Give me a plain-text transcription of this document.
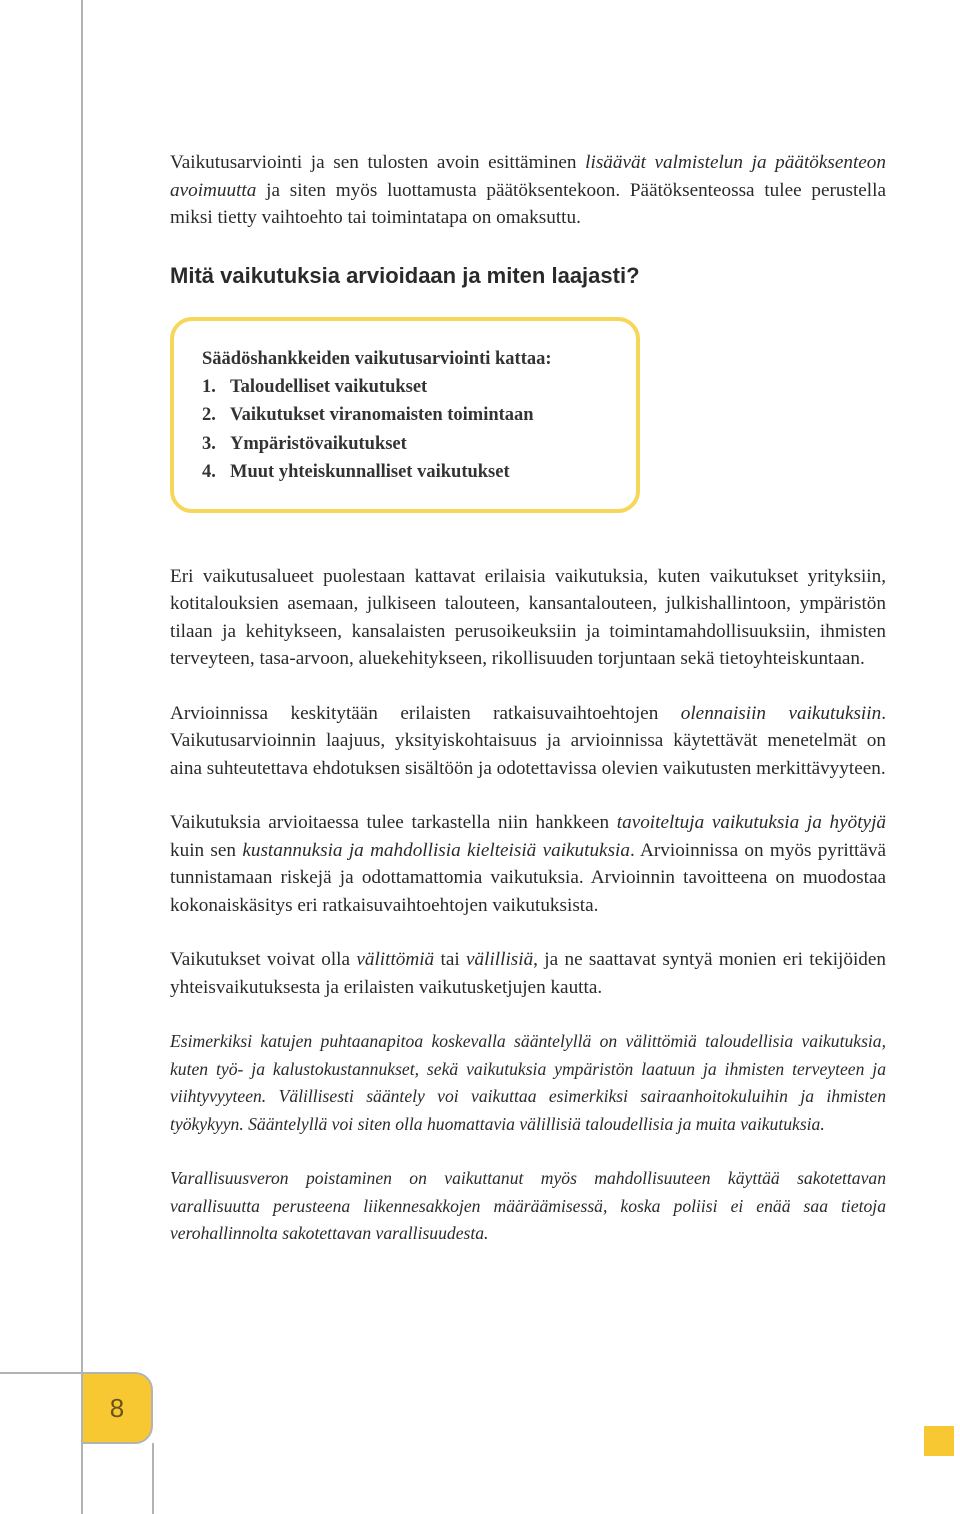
8

Vaikutusarviointi ja sen tulosten avoin esittäminen lisäävät valmistelun ja päätöksenteon avoimuutta ja siten myös luottamusta päätöksentekoon. Päätöksenteossa tulee perustella miksi tietty vaihtoehto tai toimintatapa on omaksuttu.

Mitä vaikutuksia arvioidaan ja miten laajasti?
Säädöshankkeiden vaikutusarviointi kattaa:
1. Taloudelliset vaikutukset
2. Vaikutukset viranomaisten toimintaan
3. Ympäristövaikutukset
4. Muut yhteiskunnalliset vaikutukset

Eri vaikutusalueet puolestaan kattavat erilaisia vaikutuksia, kuten vaikutukset yrityksiin, kotitalouksien asemaan, julkiseen talouteen, kansantalouteen, julkishallintoon, ympäristön tilaan ja kehitykseen, kansalaisten perusoikeuksiin ja toimintamahdollisuuksiin, ihmisten terveyteen, tasa-arvoon, aluekehitykseen, rikollisuuden torjuntaan sekä tietoyhteiskuntaan.

Arvioinnissa keskitytään erilaisten ratkaisuvaihtoehtojen olennaisiin vaikutuksiin. Vaikutusarvioinnin laajuus, yksityiskohtaisuus ja arvioinnissa käytettävät menetelmät on aina suhteutettava ehdotuksen sisältöön ja odotettavissa olevien vaikutusten merkittävyyteen.

Vaikutuksia arvioitaessa tulee tarkastella niin hankkeen tavoiteltuja vaikutuksia ja hyötyjä kuin sen kustannuksia ja mahdollisia kielteisiä vaikutuksia. Arvioinnissa on myös pyrittävä tunnistamaan riskejä ja odottamattomia vaikutuksia. Arvioinnin tavoitteena on muodostaa kokonaiskäsitys eri ratkaisuvaihtoehtojen vaikutuksista.

Vaikutukset voivat olla välittömiä tai välillisiä, ja ne saattavat syntyä monien eri tekijöiden yhteisvaikutuksesta ja erilaisten vaikutusketjujen kautta.

Esimerkiksi katujen puhtaanapitoa koskevalla sääntelyllä on välittömiä taloudellisia vaikutuksia, kuten työ- ja kalustokustannukset, sekä vaikutuksia ympäristön laatuun ja ihmisten terveyteen ja viihtyvyyteen. Välillisesti sääntely voi vaikuttaa esimerkiksi sairaanhoitokuluihin ja ihmisten työkykyyn. Sääntelyllä voi siten olla huomattavia välillisiä taloudellisia ja muita vaikutuksia.

Varallisuusveron poistaminen on vaikuttanut myös mahdollisuuteen käyttää sakotettavan varallisuutta perusteena liikennesakkojen määräämisessä, koska poliisi ei enää saa tietoja verohallinnolta sakotettavan varallisuudesta.
